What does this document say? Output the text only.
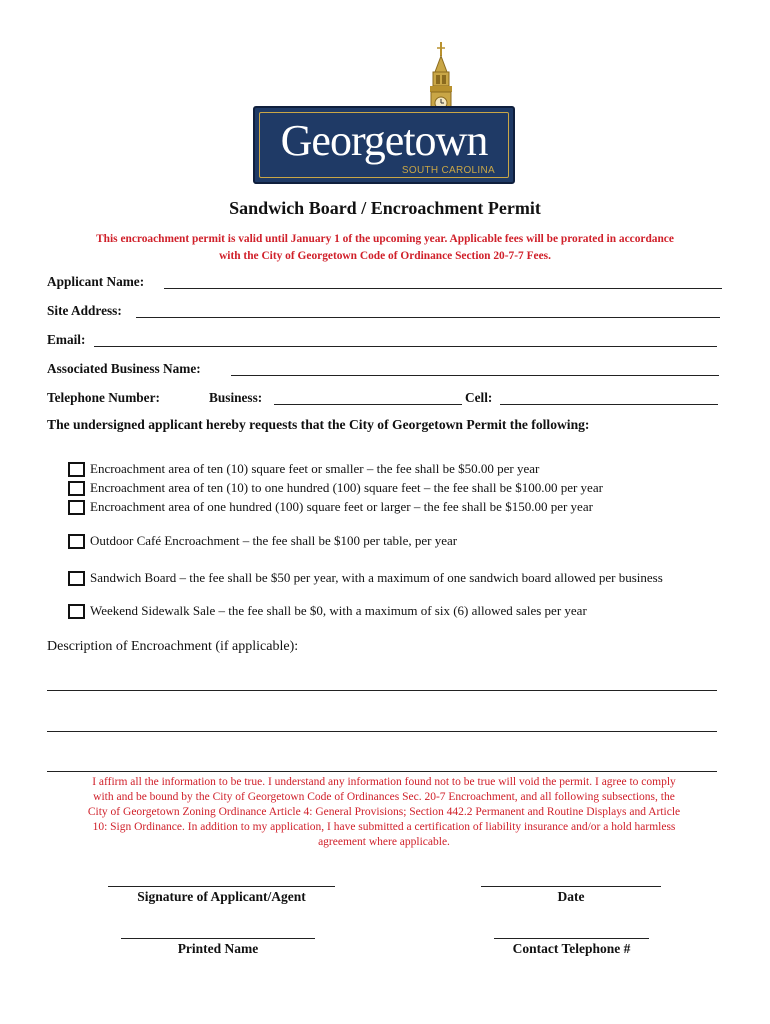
Georgetown
SOUTH CAROLINA
Sandwich Board / Encroachment Permit
This encroachment permit is valid until January 1 of the upcoming year. Applicable fees will be prorated in accordance
with the City of Georgetown Code of Ordinance Section 20-7-7 Fees.
Applicant Name:
Site Address:
Email:
Associated Business Name:
Telephone Number:	Business:	Cell:
The undersigned applicant hereby requests that the City of Georgetown Permit the following:
Encroachment area of ten (10) square feet or smaller – the fee shall be $50.00 per year
Encroachment area of ten (10) to one hundred (100) square feet – the fee shall be $100.00 per year
Encroachment area of one hundred (100) square feet or larger – the fee shall be $150.00 per year
Outdoor Café Encroachment – the fee shall be $100 per table, per year
Sandwich Board – the fee shall be $50 per year, with a maximum of one sandwich board allowed per business
Weekend Sidewalk Sale – the fee shall be $0, with a maximum of six (6) allowed sales per year
Description of Encroachment (if applicable):
I affirm all the information to be true. I understand any information found not to be true will void the permit. I agree to comply
with and be bound by the City of Georgetown Code of Ordinances Sec. 20-7 Encroachment, and all following subsections, the
City of Georgetown Zoning Ordinance Article 4: General Provisions; Section 442.2 Permanent and Routine Displays and Article
10: Sign Ordinance. In addition to my application, I have submitted a certification of liability insurance and/or a hold harmless
agreement where applicable.
Signature of Applicant/Agent	Date
Printed Name	Contact Telephone #
